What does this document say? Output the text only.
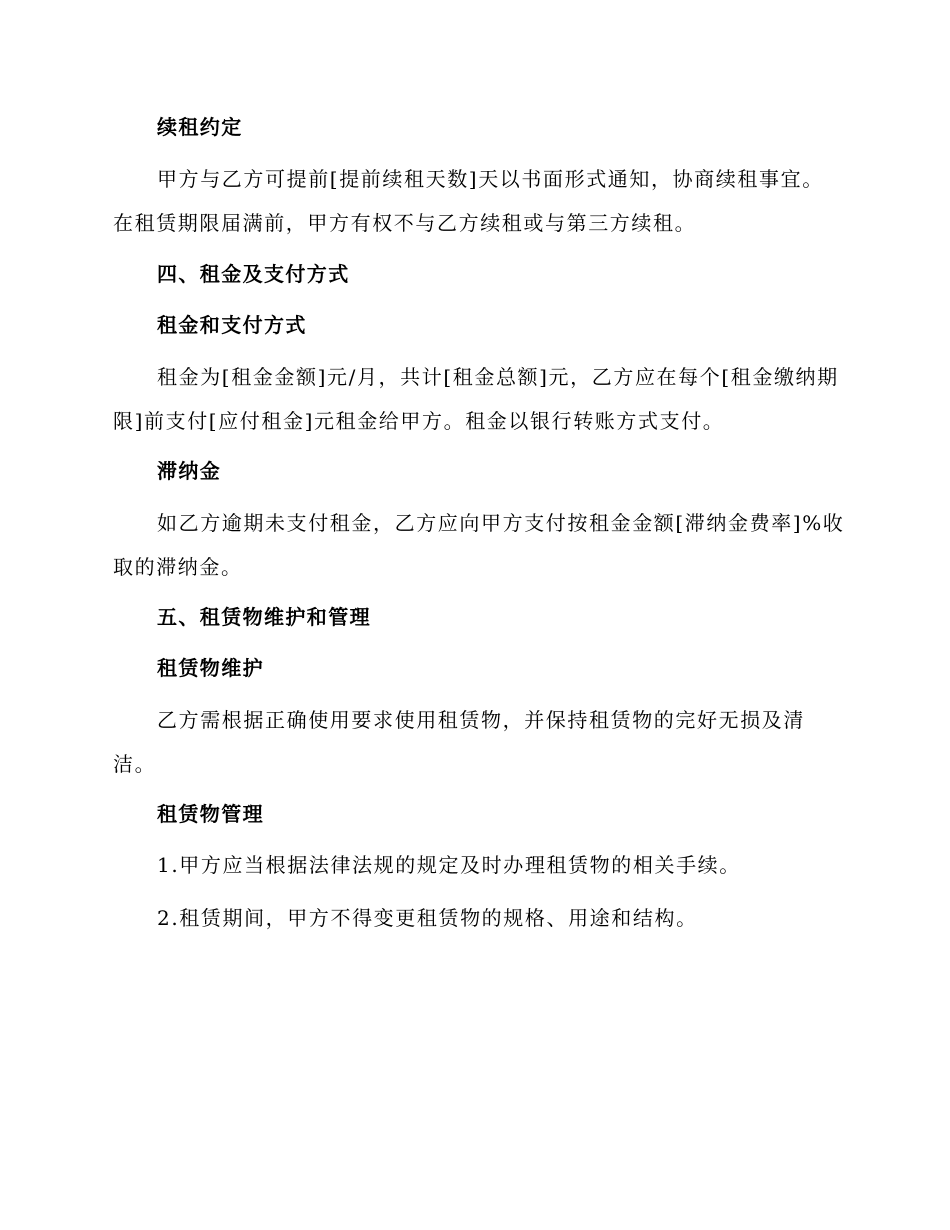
续租约定
甲方与乙方可提前[提前续租天数]天以书面形式通知，协商续租事宜。
在租赁期限届满前，甲方有权不与乙方续租或与第三方续租。
四、租金及支付方式
租金和支付方式
租金为[租金金额]元/月，共计[租金总额]元，乙方应在每个[租金缴纳期
限]前支付[应付租金]元租金给甲方。租金以银行转账方式支付。
滞纳金
如乙方逾期未支付租金，乙方应向甲方支付按租金金额[滞纳金费率]%收
取的滞纳金。
五、租赁物维护和管理
租赁物维护
乙方需根据正确使用要求使用租赁物，并保持租赁物的完好无损及清
洁。
租赁物管理
1.甲方应当根据法律法规的规定及时办理租赁物的相关手续。
2.租赁期间，甲方不得变更租赁物的规格、用途和结构。
